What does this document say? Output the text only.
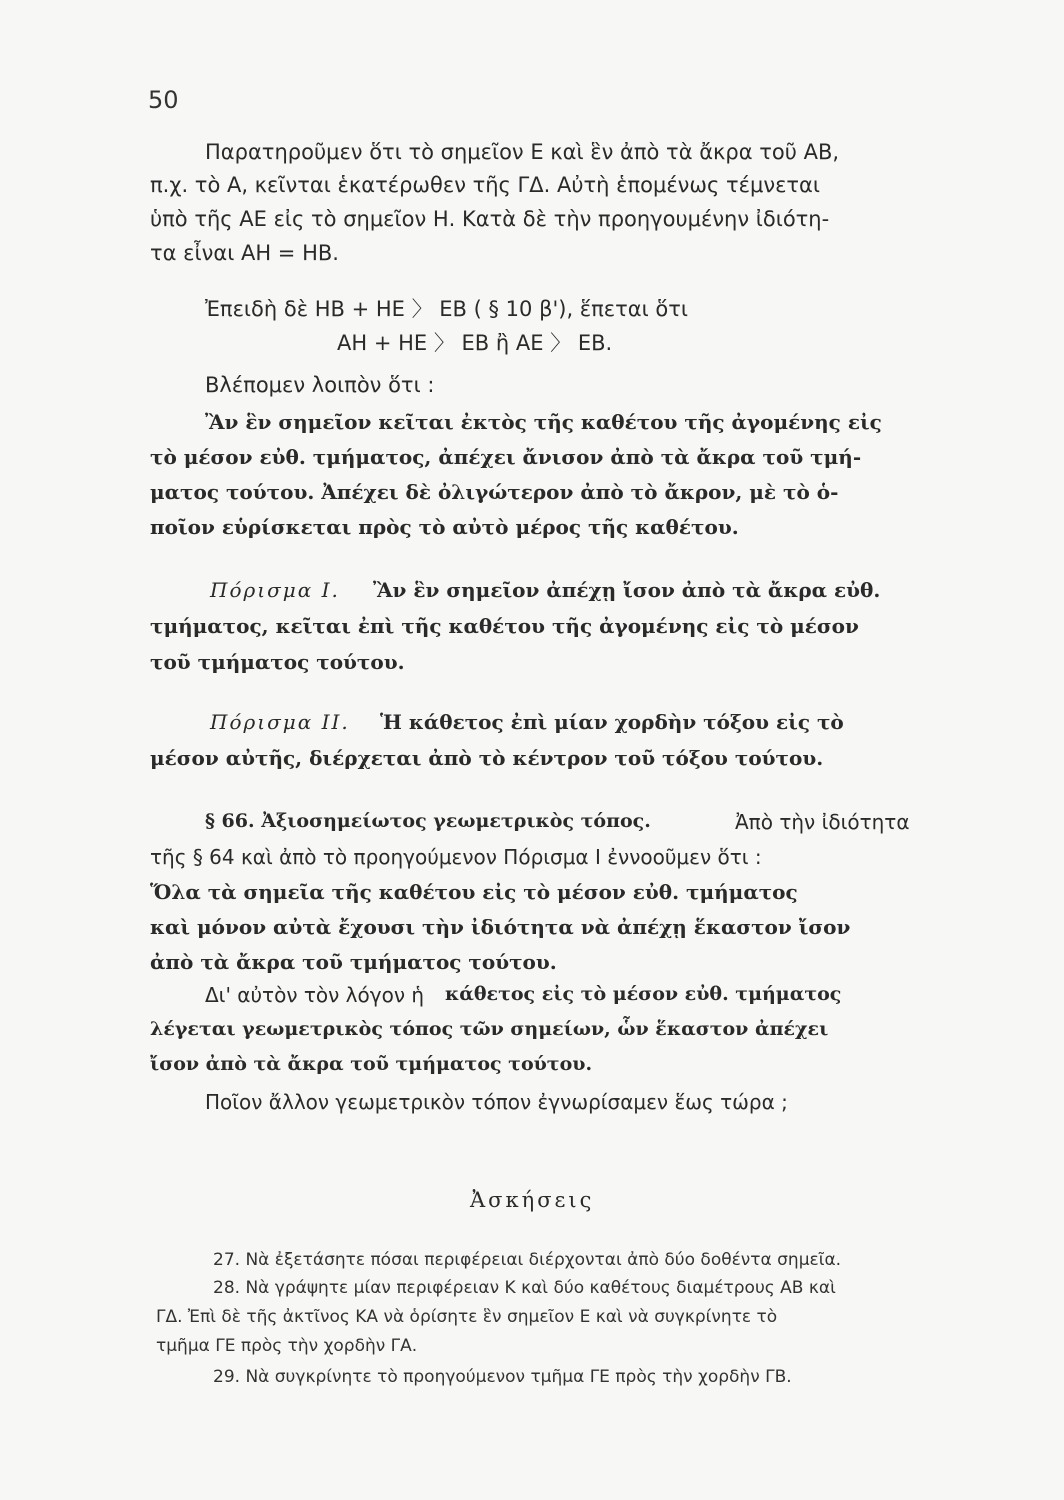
50
Παρατηροῦμεν ὅτι τὸ σημεῖον Ε καὶ ἓν ἀπὸ τὰ ἄκρα τοῦ ΑΒ,
π.χ. τὸ Α, κεῖνται ἑκατέρωθεν τῆς ΓΔ. Αὐτὴ ἑπομένως τέμνεται
ὑπὸ τῆς ΑΕ εἰς τὸ σημεῖον Η. Κατὰ δὲ τὴν προηγουμένην ἰδιότη-
τα εἶναι ΑΗ = ΗΒ.
Ἐπειδὴ δὲ ΗΒ + ΗΕ 〉 ΕΒ ( § 10 β'), ἕπεται ὅτι
ΑΗ + ΗΕ 〉 ΕΒ ἢ ΑΕ 〉 ΕΒ.
Βλέπομεν λοιπὸν ὅτι :
Ἂν ἓν σημεῖον κεῖται ἐκτὸς τῆς καθέτου τῆς ἀγομένης εἰς
τὸ μέσον εὐθ. τμήματος, ἀπέχει ἄνισον ἀπὸ τὰ ἄκρα τοῦ τμή-
ματος τούτου. Ἀπέχει δὲ ὀλιγώτερον ἀπὸ τὸ ἄκρον, μὲ τὸ ὁ-
ποῖον εὑρίσκεται πρὸς τὸ αὐτὸ μέρος τῆς καθέτου.
Πόρισμα Ι. Ἂν ἓν σημεῖον ἀπέχῃ ἴσον ἀπὸ τὰ ἄκρα εὐθ.
τμήματος, κεῖται ἐπὶ τῆς καθέτου τῆς ἀγομένης εἰς τὸ μέσον
τοῦ τμήματος τούτου.
Πόρισμα ΙΙ. Ἡ κάθετος ἐπὶ μίαν χορδὴν τόξου εἰς τὸ
μέσον αὐτῆς, διέρχεται ἀπὸ τὸ κέντρον τοῦ τόξου τούτου.
§ 66. Ἀξιοσημείωτος γεωμετρικὸς τόπος.	Ἀπὸ τὴν ἰδιότητα
τῆς § 64 καὶ ἀπὸ τὸ προηγούμενον Πόρισμα Ι ἐννοοῦμεν ὅτι :
Ὅλα τὰ σημεῖα τῆς καθέτου εἰς τὸ μέσον εὐθ. τμήματος
καὶ μόνον αὐτὰ ἔχουσι τὴν ἰδιότητα νὰ ἀπέχῃ ἕκαστον ἴσον
ἀπὸ τὰ ἄκρα τοῦ τμήματος τούτου.
Δι' αὐτὸν τὸν λόγον ἡ κάθετος εἰς τὸ μέσον εὐθ. τμήματος
λέγεται γεωμετρικὸς τόπος τῶν σημείων, ὧν ἕκαστον ἀπέχει
ἴσον ἀπὸ τὰ ἄκρα τοῦ τμήματος τούτου.
Ποῖον ἄλλον γεωμετρικὸν τόπον ἐγνωρίσαμεν ἕως τώρα ;
Ἀσκήσεις
27. Νὰ ἐξετάσητε πόσαι περιφέρειαι διέρχονται ἀπὸ δύο δοθέντα σημεῖα.
28. Νὰ γράψητε μίαν περιφέρειαν Κ καὶ δύο καθέτους διαμέτρους ΑΒ καὶ
ΓΔ. Ἐπὶ δὲ τῆς ἀκτῖνος ΚΑ νὰ ὁρίσητε ἓν σημεῖον Ε καὶ νὰ συγκρίνητε τὸ
τμῆμα ΓΕ πρὸς τὴν χορδὴν ΓΑ.
29. Νὰ συγκρίνητε τὸ προηγούμενον τμῆμα ΓΕ πρὸς τὴν χορδὴν ΓΒ.
